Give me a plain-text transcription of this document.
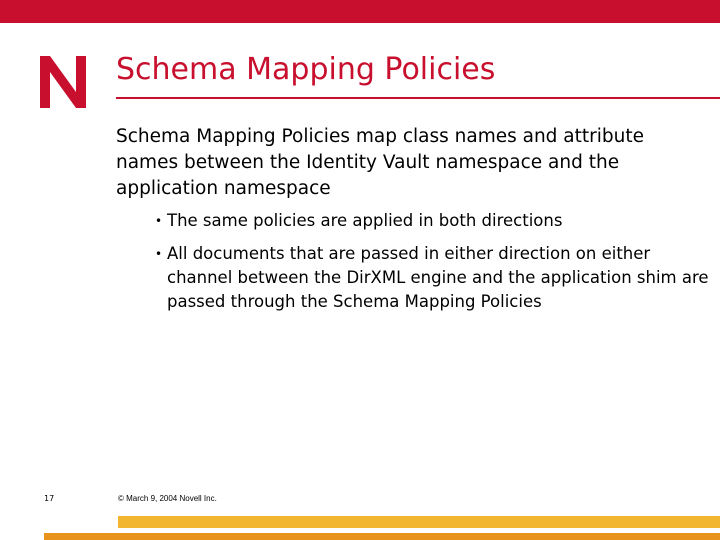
Schema Mapping Policies
Schema Mapping Policies map class names and attribute names between the Identity Vault namespace and the application namespace
• The same policies are applied in both directions
• All documents that are passed in either direction on either channel between the DirXML engine and the application shim are passed through the Schema Mapping Policies
17	© March 9, 2004 Novell Inc.
